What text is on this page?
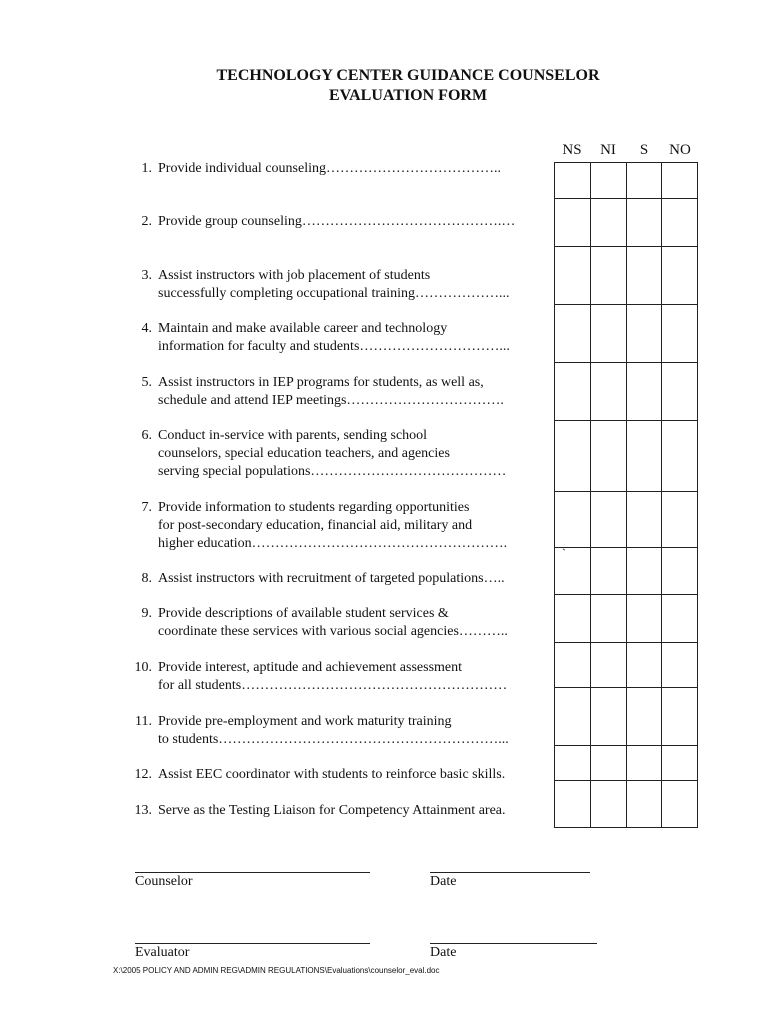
TECHNOLOGY CENTER GUIDANCE COUNSELOR
EVALUATION FORM
NS	NI	S	NO
1. Provide individual counseling………………………………..
2. Provide group counseling…………………………………….…
3. Assist instructors with job placement of students
successfully completing occupational training………………...
4. Maintain and make available career and technology
information for faculty and students…………………………...
5. Assist instructors in IEP programs for students, as well as,
schedule and attend IEP meetings…………………………….
6. Conduct in-service with parents, sending school
counselors, special education teachers, and agencies
serving special populations……………………………………
7. Provide information to students regarding opportunities
for post-secondary education, financial aid, military and
higher education……………………………………………….
8. Assist instructors with recruitment of targeted populations…..
9. Provide descriptions of available student services &
coordinate these services with various social agencies………..
10. Provide interest, aptitude and achievement assessment
for all students…………………………………………………
11. Provide pre-employment and work maturity training
to students……………………………………………………...
12. Assist EEC coordinator with students to reinforce basic skills.
13. Serve as the Testing Liaison for Competency Attainment area.

`
Counselor	Date
Evaluator	Date
X:\2005 POLICY AND ADMIN REG\ADMIN REGULATIONS\Evaluations\counselor_eval.doc
